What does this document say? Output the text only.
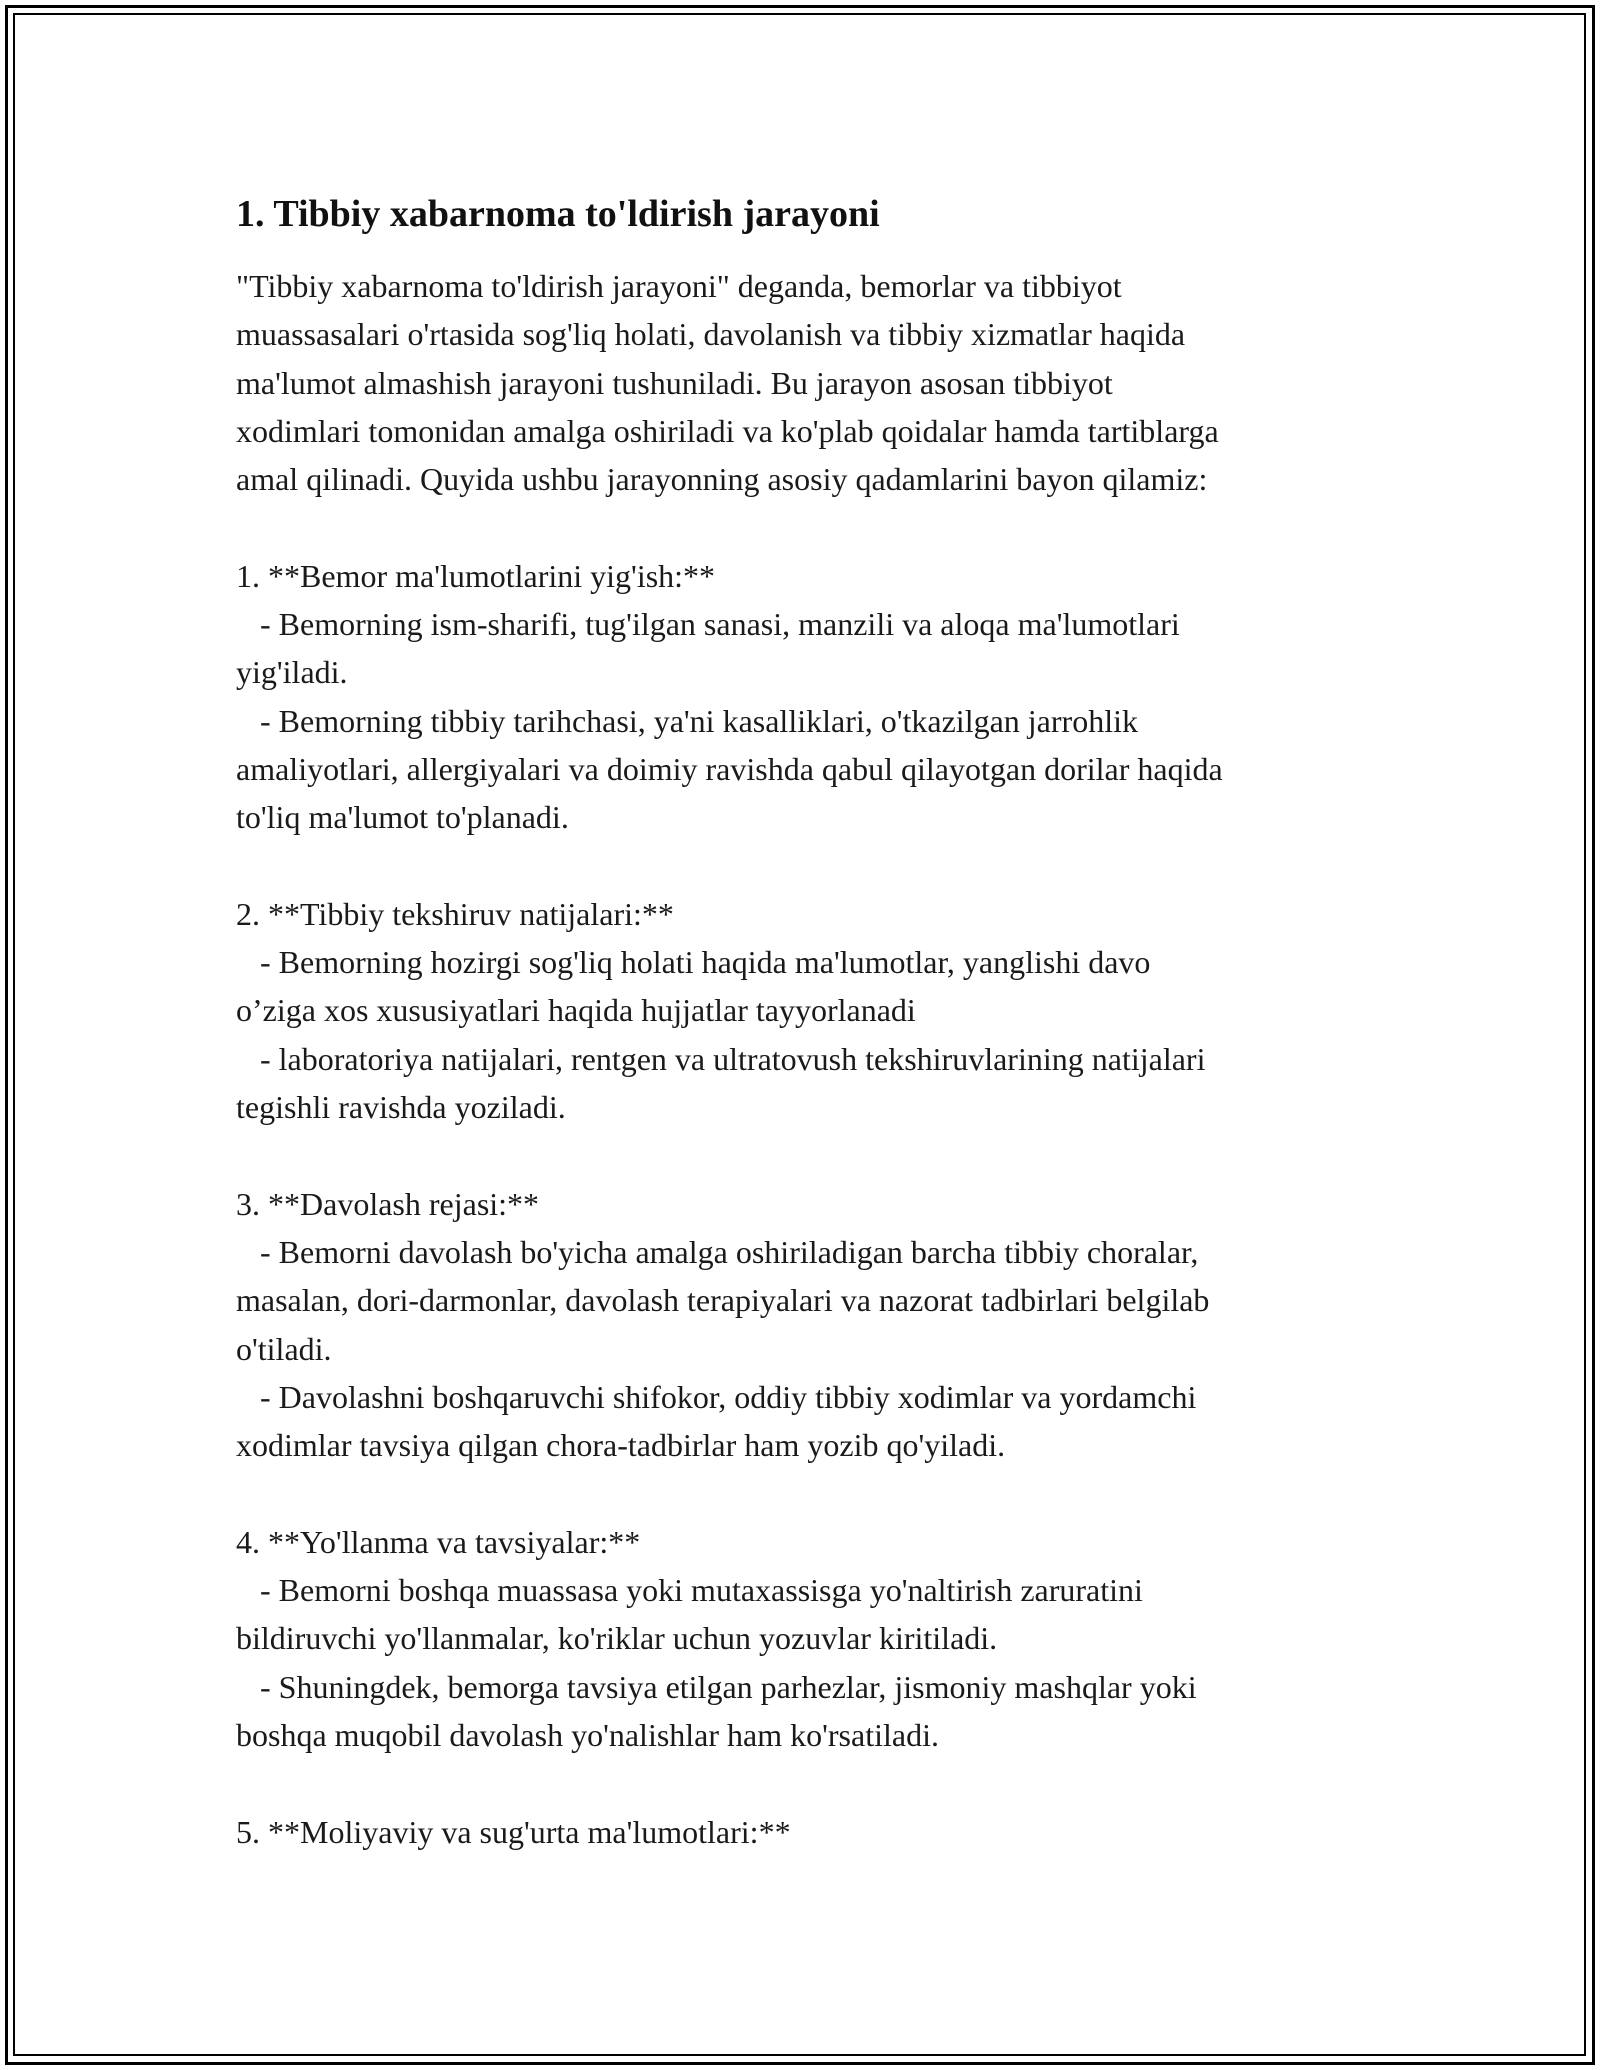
1. Tibbiy xabarnoma to'ldirish jarayoni

"Tibbiy xabarnoma to'ldirish jarayoni" deganda, bemorlar va tibbiyot
muassasalari o'rtasida sog'liq holati, davolanish va tibbiy xizmatlar haqida
ma'lumot almashish jarayoni tushuniladi. Bu jarayon asosan tibbiyot
xodimlari tomonidan amalga oshiriladi va ko'plab qoidalar hamda tartiblarga
amal qilinadi. Quyida ushbu jarayonning asosiy qadamlarini bayon qilamiz:

1. **Bemor ma'lumotlarini yig'ish:**
- Bemorning ism-sharifi, tug'ilgan sanasi, manzili va aloqa ma'lumotlari
yig'iladi.
- Bemorning tibbiy tarihchasi, ya'ni kasalliklari, o'tkazilgan jarrohlik
amaliyotlari, allergiyalari va doimiy ravishda qabul qilayotgan dorilar haqida
to'liq ma'lumot to'planadi.

2. **Tibbiy tekshiruv natijalari:**
- Bemorning hozirgi sog'liq holati haqida ma'lumotlar, yanglishi davo
o’ziga xos xususiyatlari haqida hujjatlar tayyorlanadi
- laboratoriya natijalari, rentgen va ultratovush tekshiruvlarining natijalari
tegishli ravishda yoziladi.

3. **Davolash rejasi:**
- Bemorni davolash bo'yicha amalga oshiriladigan barcha tibbiy choralar,
masalan, dori-darmonlar, davolash terapiyalari va nazorat tadbirlari belgilab
o'tiladi.
- Davolashni boshqaruvchi shifokor, oddiy tibbiy xodimlar va yordamchi
xodimlar tavsiya qilgan chora-tadbirlar ham yozib qo'yiladi.

4. **Yo'llanma va tavsiyalar:**
- Bemorni boshqa muassasa yoki mutaxassisga yo'naltirish zaruratini
bildiruvchi yo'llanmalar, ko'riklar uchun yozuvlar kiritiladi.
- Shuningdek, bemorga tavsiya etilgan parhezlar, jismoniy mashqlar yoki
boshqa muqobil davolash yo'nalishlar ham ko'rsatiladi.

5. **Moliyaviy va sug'urta ma'lumotlari:**
